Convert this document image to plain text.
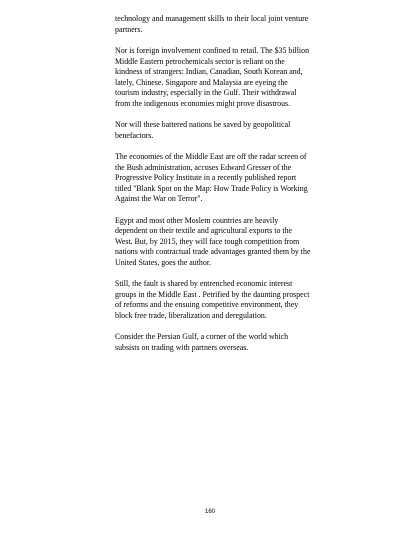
technology and management skills to their local joint venture partners.

Nor is foreign involvement confined to retail. The $35 billion Middle Eastern petrochemicals sector is reliant on the kindness of strangers: Indian, Canadian, South Korean and, lately, Chinese. Singapore and Malaysia are eyeing the tourism industry, especially in the Gulf. Their withdrawal from the indigenous economies might prove disastrous.

Nor will these battered nations be saved by geopolitical benefactors.

The economies of the Middle East are off the radar screen of the Bush administration, accuses Edward Gresser of the Progressive Policy Institute in a recently published report titled "Blank Spot on the Map: How Trade Policy is Working Against the War on Terror".

Egypt and most other Moslem countries are heavily dependent on their textile and agricultural exports to the West. But, by 2015, they will face tough competition from nations with contractual trade advantages granted them by the United States, goes the author.

Still, the fault is shared by entrenched economic interest groups in the Middle East . Petrified by the daunting prospect of reforms and the ensuing competitive environment, they block free trade, liberalization and deregulation.

Consider the Persian Gulf, a corner of the world which subsists on trading with partners overseas.

160
